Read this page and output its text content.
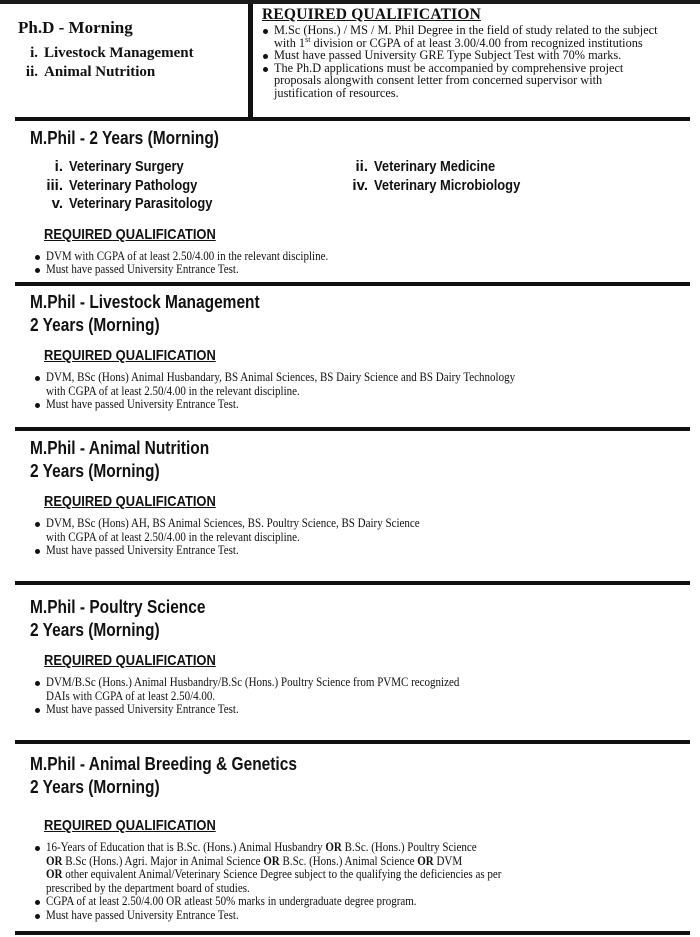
Ph.D - Morning
i. Livestock Management
ii. Animal Nutrition
REQUIRED QUALIFICATION
M.Sc (Hons.) / MS / M. Phil Degree in the field of study related to the subject
with 1st division or CGPA of at least 3.00/4.00 from recognized institutions
Must have passed University GRE Type Subject Test with 70% marks.
The Ph.D applications must be accompanied by comprehensive project
proposals alongwith consent letter from concerned supervisor with
justification of resources.
M.Phil - 2 Years (Morning)
i. Veterinary Surgery	ii. Veterinary Medicine
iii. Veterinary Pathology	iv. Veterinary Microbiology
v. Veterinary Parasitology
REQUIRED QUALIFICATION
DVM with CGPA of at least 2.50/4.00 in the relevant discipline.
Must have passed University Entrance Test.
M.Phil - Livestock Management
2 Years (Morning)
REQUIRED QUALIFICATION
DVM, BSc (Hons) Animal Husbandary, BS Animal Sciences, BS Dairy Science and BS Dairy Technology with CGPA of at least 2.50/4.00 in the relevant discipline.
Must have passed University Entrance Test.
M.Phil - Animal Nutrition
2 Years (Morning)
REQUIRED QUALIFICATION
DVM, BSc (Hons) AH, BS Animal Sciences, BS. Poultry Science, BS Dairy Science with CGPA of at least 2.50/4.00 in the relevant discipline.
Must have passed University Entrance Test.
M.Phil - Poultry Science
2 Years (Morning)
REQUIRED QUALIFICATION
DVM/B.Sc (Hons.) Animal Husbandry/B.Sc (Hons.) Poultry Science from PVMC recognized DAIs with CGPA of at least 2.50/4.00.
Must have passed University Entrance Test.
M.Phil - Animal Breeding & Genetics
2 Years (Morning)
REQUIRED QUALIFICATION
16-Years of Education that is B.Sc. (Hons.) Animal Husbandry OR B.Sc. (Hons.) Poultry Science OR B.Sc (Hons.) Agri. Major in Animal Science OR B.Sc. (Hons.) Animal Science OR DVM OR other equivalent Animal/Veterinary Science Degree subject to the qualifying the deficiencies as per prescribed by the department board of studies.
CGPA of at least 2.50/4.00 OR atleast 50% marks in undergraduate degree program.
Must have passed University Entrance Test.
